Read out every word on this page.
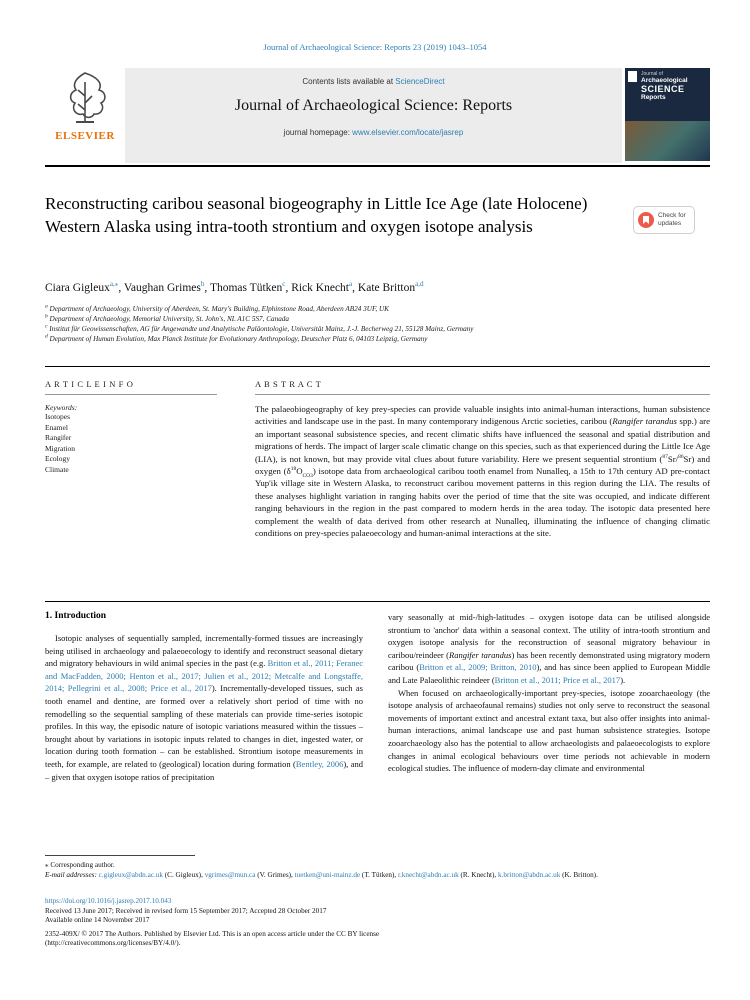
Journal of Archaeological Science: Reports 23 (2019) 1043–1054
ELSEVIER
Contents lists available at ScienceDirect
Journal of Archaeological Science: Reports
journal homepage: www.elsevier.com/locate/jasrep
Journal of
Archaeological
SCIENCE
Reports
Reconstructing caribou seasonal biogeography in Little Ice Age (late Holocene) Western Alaska using intra-tooth strontium and oxygen isotope analysis
Check for
updates
Ciara Gigleux$^{a,⁎}$, Vaughan Grimes$^b$, Thomas Tütken$^c$, Rick Knecht$^a$, Kate Britton$^{a,d}$
$^a$ Department of Archaeology, University of Aberdeen, St. Mary's Building, Elphinstone Road, Aberdeen AB24 3UF, UK
$^b$ Department of Archaeology, Memorial University, St. John's, NL A1C 5S7, Canada
$^c$ Institut für Geowissenschaften, AG für Angewandte und Analytische Paläontologie, Universität Mainz, J.-J. Becherweg 21, 55128 Mainz, Germany
$^d$ Department of Human Evolution, Max Planck Institute for Evolutionary Anthropology, Deutscher Platz 6, 04103 Leipzig, Germany
A R T I C L E I N F O
Keywords:
Isotopes
Enamel
Rangifer
Migration
Ecology
Climate
A B S T R A C T
The palaeobiogeography of key prey-species can provide valuable insights into animal-human interactions, human subsistence activities and landscape use in the past. In many contemporary indigenous Arctic societies, caribou (Rangifer tarandus spp.) are an important seasonal subsistence species, and recent climatic shifts have influenced the seasonal and spatial distribution and migrations of herds. The impact of larger scale climatic change on this species, such as that experienced during the Little Ice Age (LIA), is not known, but may provide vital clues about future variability. Here we present sequential strontium ($^{87}$Sr/$^{86}$Sr) and oxygen $(\delta^{18}O_{CO3})$ isotope data from archaeological caribou tooth enamel from Nunalleq, a 15th to 17th century AD pre-contact Yup'ik village site in Western Alaska, to reconstruct caribou movement patterns in this region during the LIA. The results of these analyses highlight variation in ranging habits over the period of time that the site was occupied, and indicate different ranging behaviours in the region in the past compared to modern herds in the area today. The isotopic data presented here complement the wealth of data derived from other research at Nunalleq, illuminating the influence of changing climatic conditions on prey-species palaeoecology and human-animal interactions at the site.
1. Introduction

Isotopic analyses of sequentially sampled, incrementally-formed tissues are increasingly being utilised in archaeology and palaeoecology to identify and reconstruct seasonal dietary and migratory behaviours in wild animal species in the past (e.g. Britton et al., 2011; Feranec and MacFadden, 2000; Henton et al., 2017; Julien et al., 2012; Metcalfe and Longstaffe, 2014; Pellegrini et al., 2008; Price et al., 2017). Incrementally-developed tissues, such as tooth enamel and dentine, are formed over a relatively short period of time with no remodelling so the sequential sampling of these materials can provide time-series isotopic profiles. In this way, the episodic nature of isotopic variations measured within the tissues – brought about by variations in isotopic inputs related to changes in diet, ingested water, or location during tooth formation – can be established. Strontium isotope measurements in teeth, for example, are related to (geological) location during formation (Bentley, 2006), and – given that oxygen isotope ratios of precipitation

vary seasonally at mid-/high-latitudes – oxygen isotope data can be utilised alongside strontium to 'anchor' data within a seasonal context. The utility of intra-tooth strontium and oxygen isotope analysis for the reconstruction of seasonal migratory behaviour in caribou/reindeer (Rangifer tarandus) has been recently demonstrated using migratory modern caribou (Britton et al., 2009; Britton, 2010), and has since been applied to European Middle and Late Palaeolithic reindeer (Britton et al., 2011; Price et al., 2017).

When focused on archaeologically-important prey-species, isotope zooarchaeology (the isotope analysis of archaeofaunal remains) studies not only serve to reconstruct the seasonal movements of important extinct and ancestral extant taxa, but also offer insights into animal-human interactions, animal landscape use and past human subsistence strategies. Isotope zooarchaeology also has the potential to allow archaeologists and palaeoecologists to explore changes in animal ecological behaviours over time periods not achievable in modern ecological studies. The influence of modern-day climate and environmental

⁎ Corresponding author.
E-mail addresses: c.gigleux@abdn.ac.uk (C. Gigleux), vgrimes@mun.ca (V. Grimes), tuetken@uni-mainz.de (T. Tütken), r.knecht@abdn.ac.uk (R. Knecht), k.britton@abdn.ac.uk (K. Britton).
https://doi.org/10.1016/j.jasrep.2017.10.043
Received 13 June 2017; Received in revised form 15 September 2017; Accepted 28 October 2017
Available online 14 November 2017
2352-409X/ © 2017 The Authors. Published by Elsevier Ltd. This is an open access article under the CC BY license
(http://creativecommons.org/licenses/BY/4.0/).
